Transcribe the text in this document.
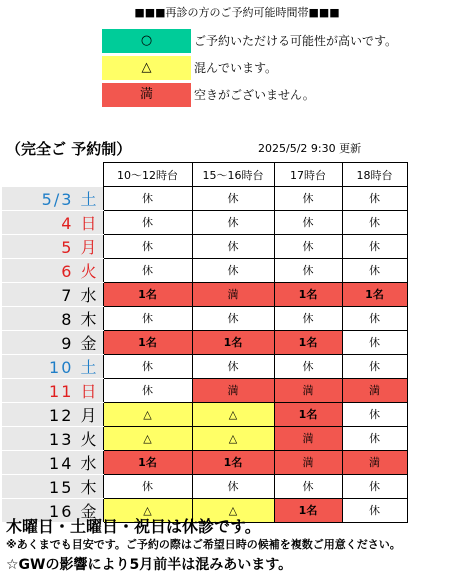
■■■再診の方のご予約可能時間帯■■■
○	ご予約いただける可能性が高いです。
△	混んでいます。
満	空きがございません。
（完全ご 予約制）	2025/5/2 9:30 更新
	10～12時台	15～16時台	17時台	18時台
5/3 土	休	休	休	休
4 日	休	休	休	休
5 月	休	休	休	休
6 火	休	休	休	休
7 水	1名	満	1名	1名
8 木	休	休	休	休
9 金	1名	1名	1名	休
10 土	休	休	休	休
11 日	休	満	満	満
12 月	△	△	1名	休
13 火	△	△	満	休
14 水	1名	1名	満	満
15 木	休	休	休	休
16 金	△	△	1名	休
木曜日・土曜日・祝日は休診です。
※あくまでも目安です。ご予約の際はご希望日時の候補を複数ご用意ください。
☆GWの影響により5月前半は混みあいます。
